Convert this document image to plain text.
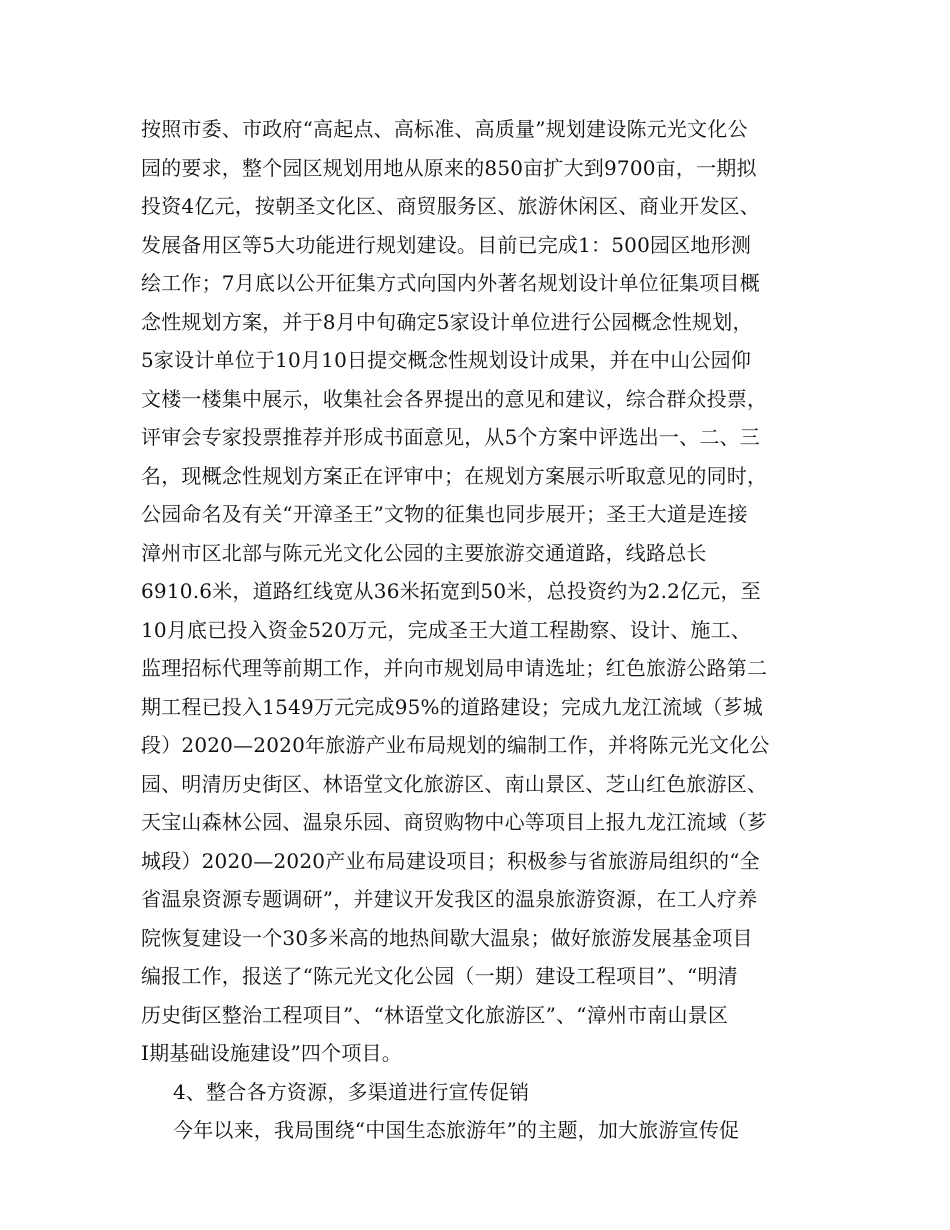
按照市委、市政府“高起点、高标准、高质量”规划建设陈元光文化公
园的要求，整个园区规划用地从原来的850亩扩大到9700亩，一期拟
投资4亿元，按朝圣文化区、商贸服务区、旅游休闲区、商业开发区、
发展备用区等5大功能进行规划建设。目前已完成1：500园区地形测
绘工作；7月底以公开征集方式向国内外著名规划设计单位征集项目概
念性规划方案，并于8月中旬确定5家设计单位进行公园概念性规划，
5家设计单位于10月10日提交概念性规划设计成果，并在中山公园仰
文楼一楼集中展示，收集社会各界提出的意见和建议，综合群众投票，
评审会专家投票推荐并形成书面意见，从5个方案中评选出一、二、三
名，现概念性规划方案正在评审中；在规划方案展示听取意见的同时，
公园命名及有关“开漳圣王”文物的征集也同步展开；圣王大道是连接
漳州市区北部与陈元光文化公园的主要旅游交通道路，线路总长
6910.6米，道路红线宽从36米拓宽到50米，总投资约为2.2亿元，至
10月底已投入资金520万元，完成圣王大道工程勘察、设计、施工、
监理招标代理等前期工作，并向市规划局申请选址；红色旅游公路第二
期工程已投入1549万元完成95%的道路建设；完成九龙江流域（芗城
段）2020—2020年旅游产业布局规划的编制工作，并将陈元光文化公
园、明清历史街区、林语堂文化旅游区、南山景区、芝山红色旅游区、
天宝山森林公园、温泉乐园、商贸购物中心等项目上报九龙江流域（芗
城段）2020—2020产业布局建设项目；积极参与省旅游局组织的“全
省温泉资源专题调研”，并建议开发我区的温泉旅游资源，在工人疗养
院恢复建设一个30多米高的地热间歇大温泉；做好旅游发展基金项目
编报工作，报送了“陈元光文化公园（一期）建设工程项目”、“明清
历史街区整治工程项目”、“林语堂文化旅游区”、“漳州市南山景区
Ⅰ期基础设施建设”四个项目。
4、整合各方资源，多渠道进行宣传促销
今年以来，我局围绕“中国生态旅游年”的主题，加大旅游宣传促
